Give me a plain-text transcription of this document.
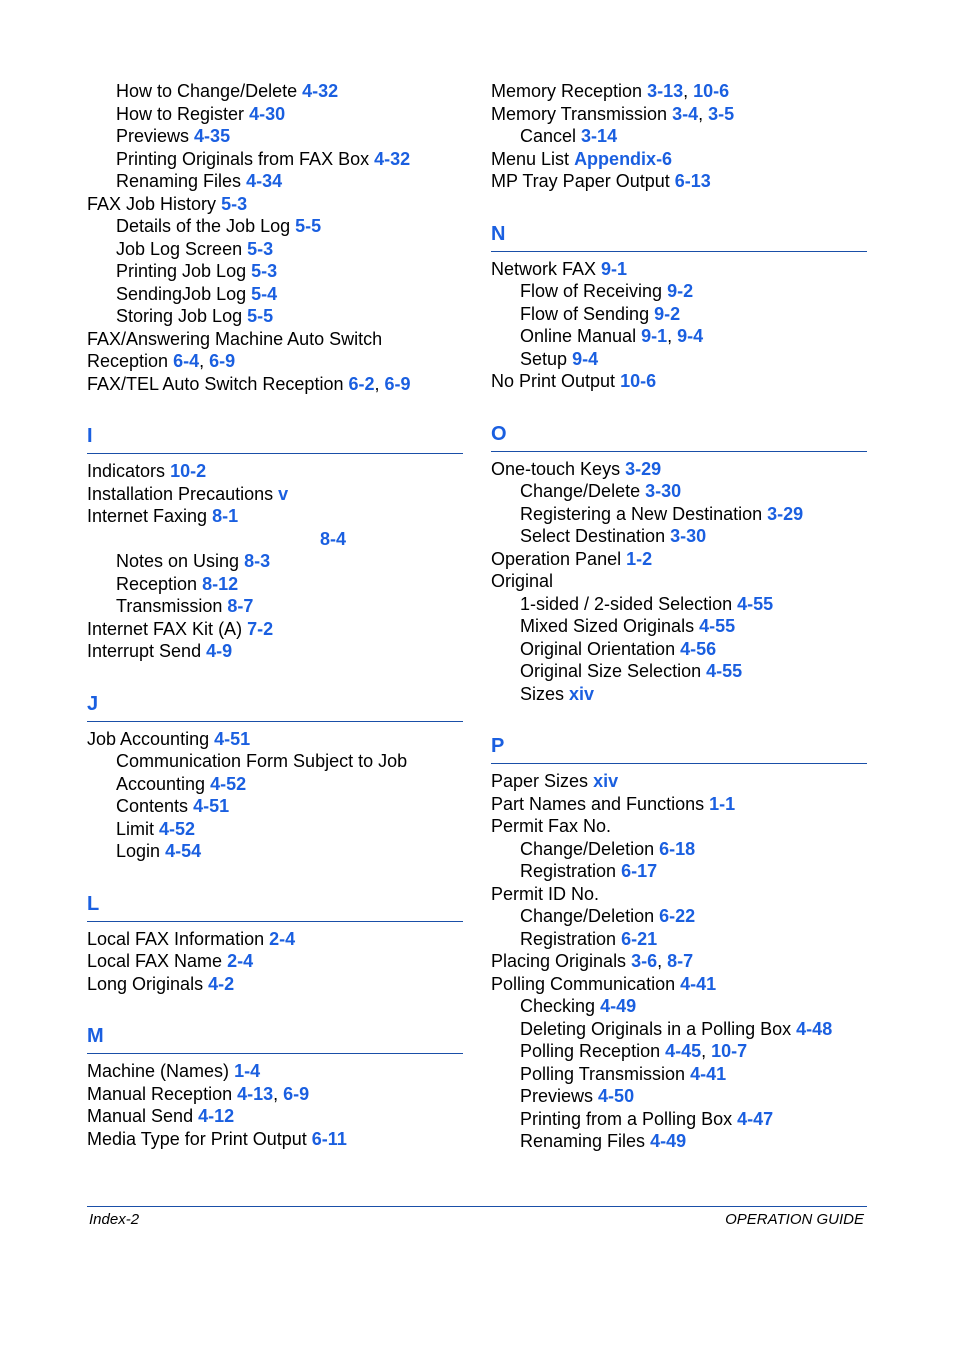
How to Change/Delete 4-32
How to Register 4-30
Previews 4-35
Printing Originals from FAX Box 4-32
Renaming Files 4-34
FAX Job History 5-3
Details of the Job Log 5-5
Job Log Screen 5-3
Printing Job Log 5-3
SendingJob Log 5-4
Storing Job Log 5-5
FAX/Answering Machine Auto Switch
Reception 6-4, 6-9
FAX/TEL Auto Switch Reception 6-2, 6-9
I
Indicators 10-2
Installation Precautions v
Internet Faxing 8-1
8-4
Notes on Using 8-3
Reception 8-12
Transmission 8-7
Internet FAX Kit (A) 7-2
Interrupt Send 4-9
J
Job Accounting 4-51
Communication Form Subject to Job
Accounting 4-52
Contents 4-51
Limit 4-52
Login 4-54
L
Local FAX Information 2-4
Local FAX Name 2-4
Long Originals 4-2
M
Machine (Names) 1-4
Manual Reception 4-13, 6-9
Manual Send 4-12
Media Type for Print Output 6-11
Memory Reception 3-13, 10-6
Memory Transmission 3-4, 3-5
Cancel 3-14
Menu List Appendix-6
MP Tray Paper Output 6-13
N
Network FAX 9-1
Flow of Receiving 9-2
Flow of Sending 9-2
Online Manual 9-1, 9-4
Setup 9-4
No Print Output 10-6
O
One-touch Keys 3-29
Change/Delete 3-30
Registering a New Destination 3-29
Select Destination 3-30
Operation Panel 1-2
Original
1-sided / 2-sided Selection 4-55
Mixed Sized Originals 4-55
Original Orientation 4-56
Original Size Selection 4-55
Sizes xiv
P
Paper Sizes xiv
Part Names and Functions 1-1
Permit Fax No.
Change/Deletion 6-18
Registration 6-17
Permit ID No.
Change/Deletion 6-22
Registration 6-21
Placing Originals 3-6, 8-7
Polling Communication 4-41
Checking 4-49
Deleting Originals in a Polling Box 4-48
Polling Reception 4-45, 10-7
Polling Transmission 4-41
Previews 4-50
Printing from a Polling Box 4-47
Renaming Files 4-49
Index-2	OPERATION GUIDE
